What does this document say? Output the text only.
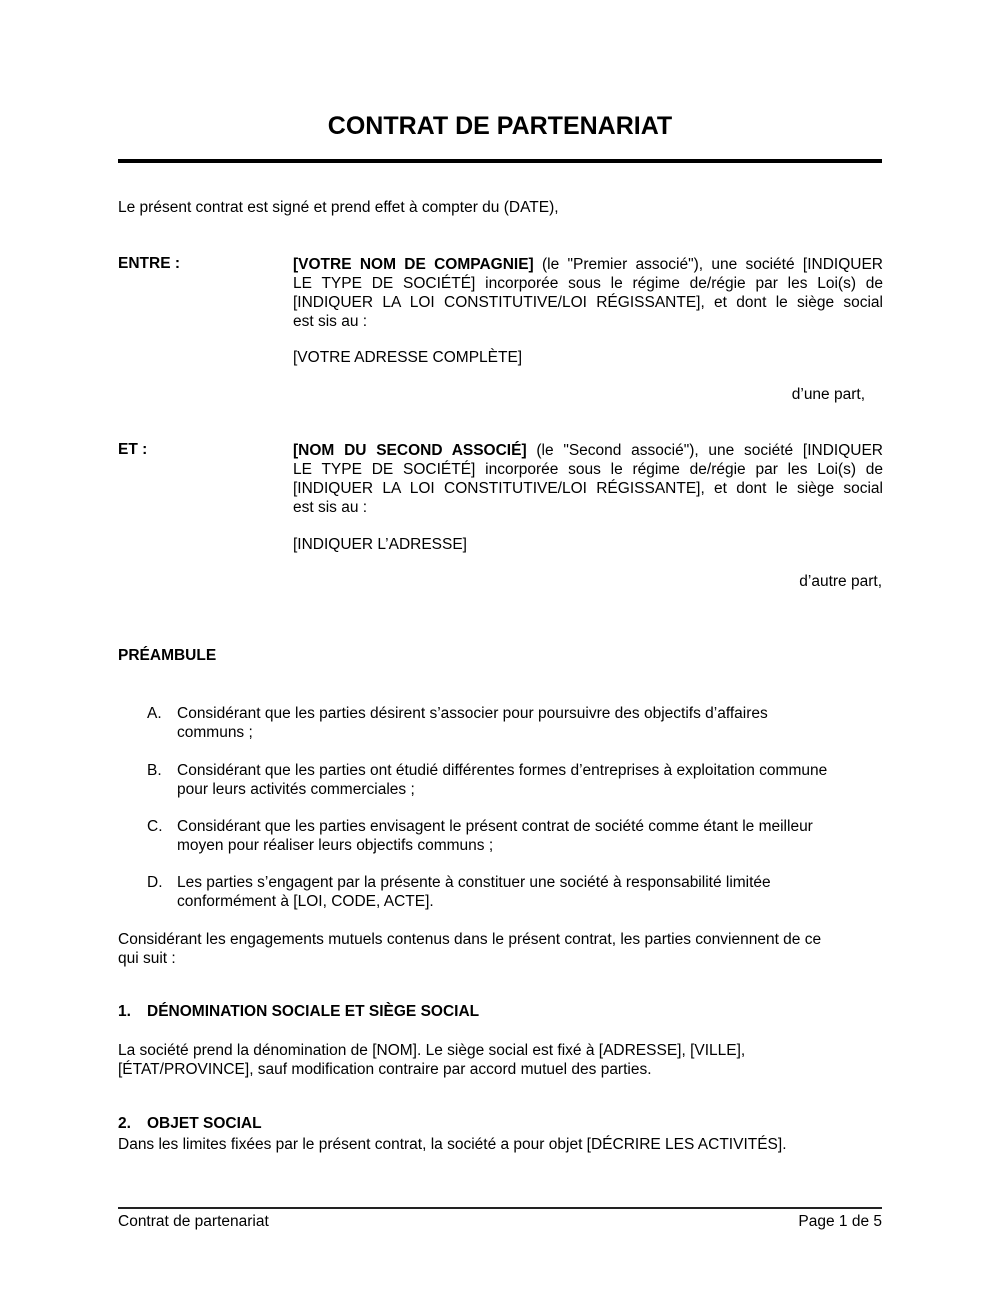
CONTRAT DE PARTENARIAT
Le présent contrat est signé et prend effet à compter du (DATE),
ENTRE :	[VOTRE NOM DE COMPAGNIE] (le "Premier associé"), une société [INDIQUER
LE TYPE DE SOCIÉTÉ] incorporée sous le régime de/régie par les Loi(s) de
[INDIQUER LA LOI CONSTITUTIVE/LOI RÉGISSANTE], et dont le siège social
est sis au :
[VOTRE ADRESSE COMPLÈTE]
d’une part,
ET :	[NOM DU SECOND ASSOCIÉ] (le "Second associé"), une société [INDIQUER
LE TYPE DE SOCIÉTÉ] incorporée sous le régime de/régie par les Loi(s) de
[INDIQUER LA LOI CONSTITUTIVE/LOI RÉGISSANTE], et dont le siège social
est sis au :
[INDIQUER L’ADRESSE]
d’autre part,
PRÉAMBULE
A. Considérant que les parties désirent s’associer pour poursuivre des objectifs d’affaires
communs ;
B. Considérant que les parties ont étudié différentes formes d’entreprises à exploitation commune
pour leurs activités commerciales ;
C. Considérant que les parties envisagent le présent contrat de société comme étant le meilleur
moyen pour réaliser leurs objectifs communs ;
D. Les parties s’engagent par la présente à constituer une société à responsabilité limitée
conformément à [LOI, CODE, ACTE].
Considérant les engagements mutuels contenus dans le présent contrat, les parties conviennent de ce
qui suit :
1. DÉNOMINATION SOCIALE ET SIÈGE SOCIAL
La société prend la dénomination de [NOM]. Le siège social est fixé à [ADRESSE], [VILLE],
[ÉTAT/PROVINCE], sauf modification contraire par accord mutuel des parties.
2. OBJET SOCIAL
Dans les limites fixées par le présent contrat, la société a pour objet [DÉCRIRE LES ACTIVITÉS].
Contrat de partenariat	Page 1 de 5
